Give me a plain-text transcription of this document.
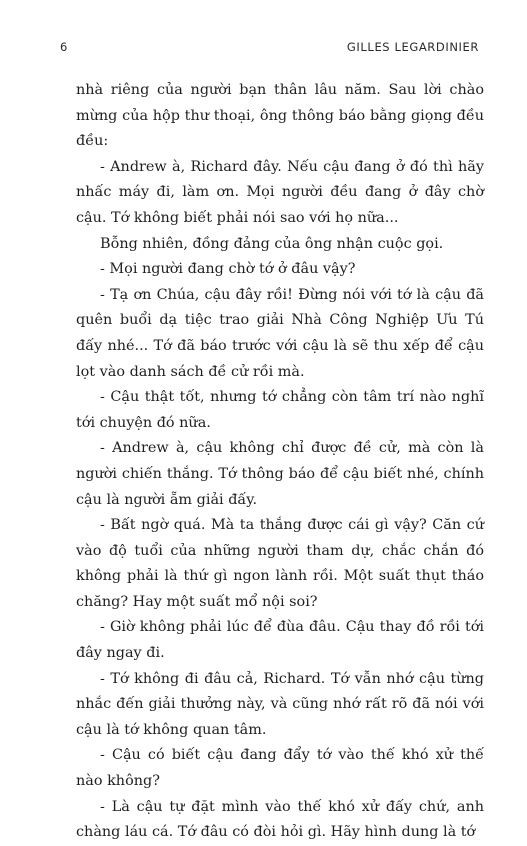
6	GILLES LEGARDINIER

nhà riêng của người bạn thân lâu năm. Sau lời chào mừng của hộp thư thoại, ông thông báo bằng giọng đều đều:

- Andrew à, Richard đây. Nếu cậu đang ở đó thì hãy nhấc máy đi, làm ơn. Mọi người đều đang ở đây chờ cậu. Tớ không biết phải nói sao với họ nữa...

Bỗng nhiên, đồng đảng của ông nhận cuộc gọi.

- Mọi người đang chờ tớ ở đâu vậy?

- Tạ ơn Chúa, cậu đây rồi! Đừng nói với tớ là cậu đã quên buổi dạ tiệc trao giải Nhà Công Nghiệp Ưu Tú đấy nhé... Tớ đã báo trước với cậu là sẽ thu xếp để cậu lọt vào danh sách đề cử rồi mà.

- Cậu thật tốt, nhưng tớ chẳng còn tâm trí nào nghĩ tới chuyện đó nữa.

- Andrew à, cậu không chỉ được đề cử, mà còn là người chiến thắng. Tớ thông báo để cậu biết nhé, chính cậu là người ẵm giải đấy.

- Bất ngờ quá. Mà ta thắng được cái gì vậy? Căn cứ vào độ tuổi của những người tham dự, chắc chắn đó không phải là thứ gì ngon lành rồi. Một suất thụt tháo chăng? Hay một suất mổ nội soi?

- Giờ không phải lúc để đùa đâu. Cậu thay đồ rồi tới đây ngay đi.

- Tớ không đi đâu cả, Richard. Tớ vẫn nhớ cậu từng nhắc đến giải thưởng này, và cũng nhớ rất rõ đã nói với cậu là tớ không quan tâm.

- Cậu có biết cậu đang đẩy tớ vào thế khó xử thế nào không?

- Là cậu tự đặt mình vào thế khó xử đấy chứ, anh chàng láu cá. Tớ đâu có đòi hỏi gì. Hãy hình dung là tớ
